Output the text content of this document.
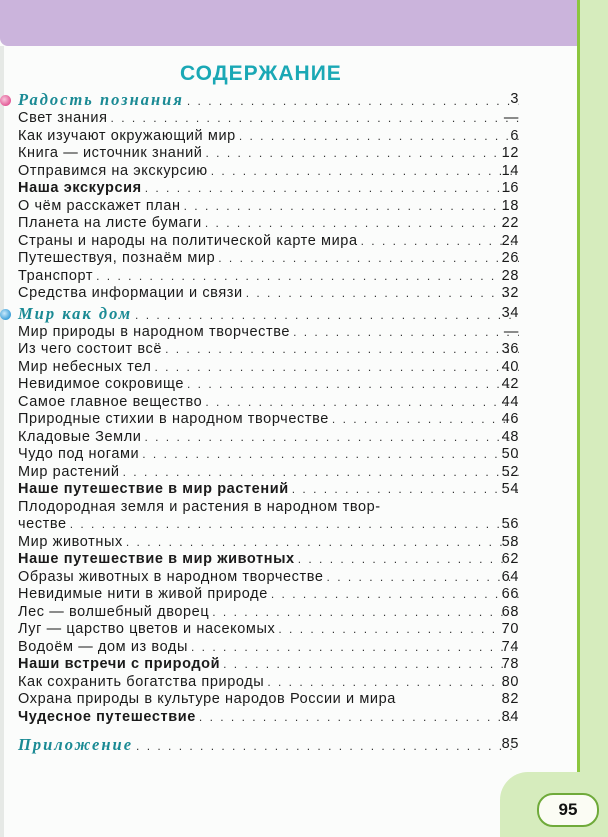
95
СОДЕРЖАНИЕ
Радость познания . . .	3
Свет знания . . .	—
Как изучают окружающий мир . . .	6
Книга — источник знаний . . .	12
Отправимся на экскурсию . . .	14
Наша экскурсия . . .	16
О чём расскажет план . . .	18
Планета на листе бумаги . . .	22
Страны и народы на политической карте мира . . .	24
Путешествуя, познаём мир . . .	26
Транспорт . . .	28
Средства информации и связи . . .	32
Мир как дом . . .	34
Мир природы в народном творчестве . . .	—
Из чего состоит всё . . .	36
Мир небесных тел . . .	40
Невидимое сокровище . . .	42
Самое главное вещество . . .	44
Природные стихии в народном творчестве . . .	46
Кладовые Земли . . .	48
Чудо под ногами . . .	50
Мир растений . . .	52
Наше путешествие в мир растений . . .	54
Плодородная земля и растения в народном твор-
честве . . .	56
Мир животных . . .	58
Наше путешествие в мир животных . . .	62
Образы животных в народном творчестве . . .	64
Невидимые нити в живой природе . . .	66
Лес — волшебный дворец . . .	68
Луг — царство цветов и насекомых . . .	70
Водоём — дом из воды . . .	74
Наши встречи с природой . . .	78
Как сохранить богатства природы . . .	80
Охрана природы в культуре народов России и мира	82
Чудесное путешествие . . .	84
Приложение . . .	85
